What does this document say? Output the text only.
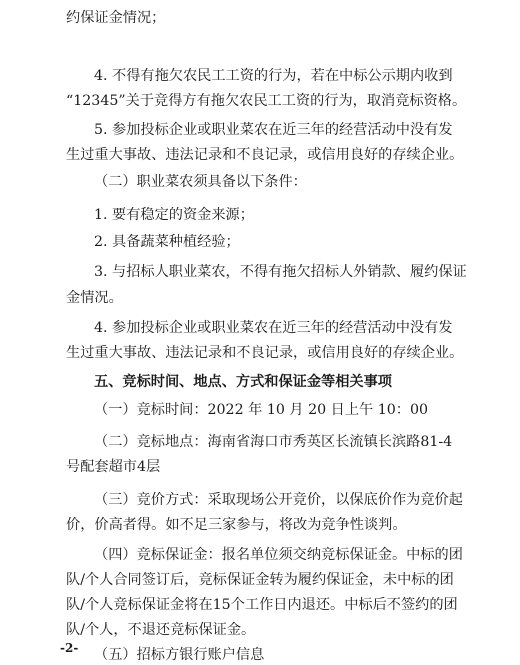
约保证金情况；
4. 不得有拖欠农民工工资的行为，若在中标公示期内收到
“12345”关于竞得方有拖欠农民工工资的行为，取消竞标资格。
5. 参加投标企业或职业菜农在近三年的经营活动中没有发
生过重大事故、违法记录和不良记录，或信用良好的存续企业。
（二）职业菜农须具备以下条件：
1. 要有稳定的资金来源；
2. 具备蔬菜种植经验；
3. 与招标人职业菜农，不得有拖欠招标人外销款、履约保证
金情况。
4. 参加投标企业或职业菜农在近三年的经营活动中没有发
生过重大事故、违法记录和不良记录，或信用良好的存续企业。
五、竞标时间、地点、方式和保证金等相关事项
（一）竞标时间：2022 年 10 月 20 日上午 10：00
（二）竞标地点：海南省海口市秀英区长流镇长滨路81-4
号配套超市4层
（三）竞价方式：采取现场公开竞价，以保底价作为竞价起
价，价高者得。如不足三家参与，将改为竞争性谈判。
（四）竞标保证金：报名单位须交纳竞标保证金。中标的团
队/个人合同签订后，竞标保证金转为履约保证金，未中标的团
队/个人竞标保证金将在15个工作日内退还。中标后不签约的团
队/个人，不退还竞标保证金。
（五）招标方银行账户信息
-2-
